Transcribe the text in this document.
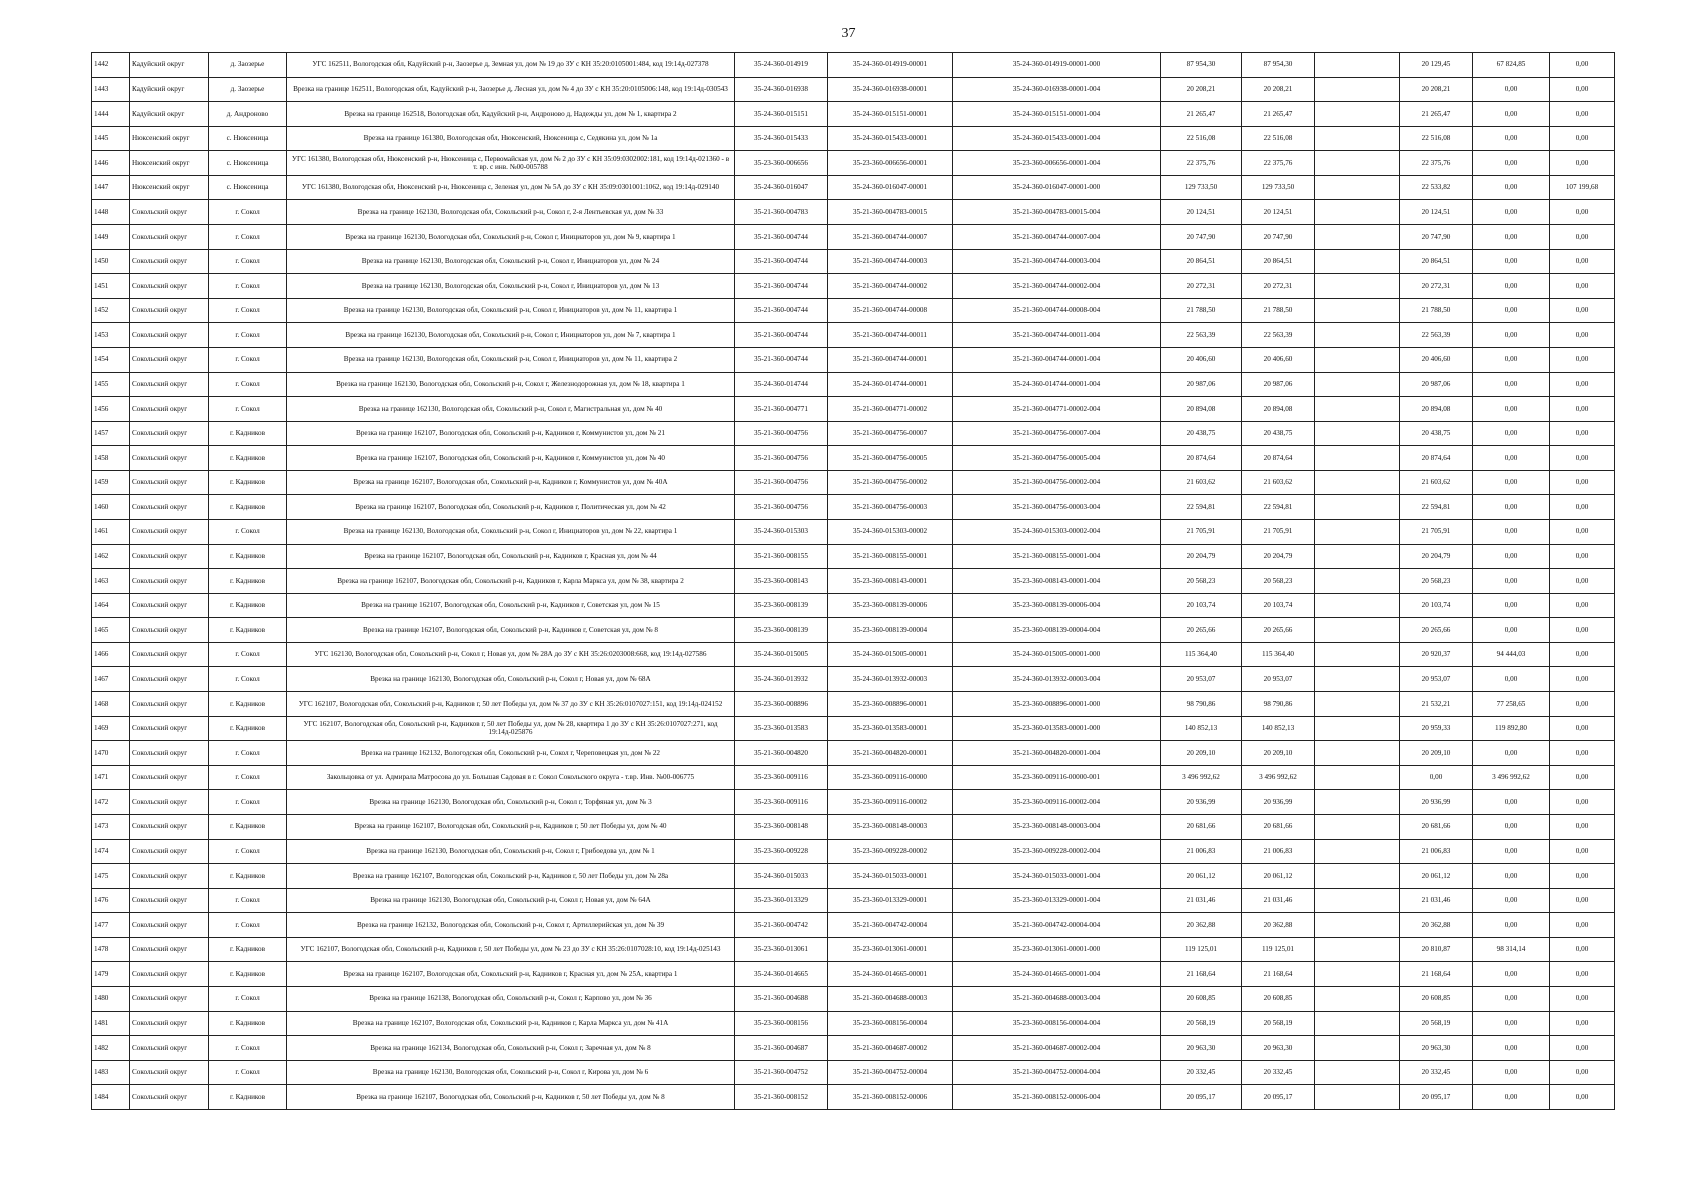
37
1442	Кадуйский округ	д. Заозерье	УГС 162511, Вологодская обл, Кадуйский р-н, Заозерье д, Земная ул, дом № 19 до ЗУ с КН 35:20:0105001:484, код 19:14д-027378	35-24-360-014919	35-24-360-014919-00001	35-24-360-014919-00001-000	87 954,30	87 954,30		20 129,45	67 824,85	0,00
1443	Кадуйский округ	д. Заозерье	Врезка на границе 162511, Вологодская обл, Кадуйский р-н, Заозерье д, Лесная ул, дом № 4 до ЗУ с КН 35:20:0105006:148, код 19:14д-030543	35-24-360-016938	35-24-360-016938-00001	35-24-360-016938-00001-004	20 208,21	20 208,21		20 208,21	0,00	0,00
1444	Кадуйский округ	д. Андроново	Врезка на границе 162518, Вологодская обл, Кадуйский р-н, Андроново д, Надежды ул, дом № 1, квартира 2	35-24-360-015151	35-24-360-015151-00001	35-24-360-015151-00001-004	21 265,47	21 265,47		21 265,47	0,00	0,00
1445	Нюксенский округ	с. Нюксеница	Врезка на границе 161380, Вологодская обл, Нюксенский, Нюксеница с, Седякина ул, дом № 1а	35-24-360-015433	35-24-360-015433-00001	35-24-360-015433-00001-004	22 516,08	22 516,08		22 516,08	0,00	0,00
1446	Нюксенский округ	с. Нюксеница	УГС 161380, Вологодская обл, Нюксенский р-н, Нюксеница с, Первомайская ул, дом № 2 до ЗУ с КН 35:09:0302002:181, код 19:14д-021360 - в т. вр. с инв. №00-005788	35-23-360-006656	35-23-360-006656-00001	35-23-360-006656-00001-004	22 375,76	22 375,76		22 375,76	0,00	0,00
1447	Нюксенский округ	с. Нюксеница	УГС 161380, Вологодская обл, Нюксенский р-н, Нюксеница с, Зеленая ул, дом № 5А до ЗУ с КН 35:09:0301001:1062, код 19:14д-029140	35-24-360-016047	35-24-360-016047-00001	35-24-360-016047-00001-000	129 733,50	129 733,50		22 533,82	0,00	107 199,68
1448	Сокольский округ	г. Сокол	Врезка на границе 162130, Вологодская обл, Сокольский р-н, Сокол г, 2-я Лентьевская ул, дом № 33	35-21-360-004783	35-21-360-004783-00015	35-21-360-004783-00015-004	20 124,51	20 124,51		20 124,51	0,00	0,00
1449	Сокольский округ	г. Сокол	Врезка на границе 162130, Вологодская обл, Сокольский р-н, Сокол г, Инициаторов ул, дом № 9, квартира 1	35-21-360-004744	35-21-360-004744-00007	35-21-360-004744-00007-004	20 747,90	20 747,90		20 747,90	0,00	0,00
1450	Сокольский округ	г. Сокол	Врезка на границе 162130, Вологодская обл, Сокольский р-н, Сокол г, Инициаторов ул, дом № 24	35-21-360-004744	35-21-360-004744-00003	35-21-360-004744-00003-004	20 864,51	20 864,51		20 864,51	0,00	0,00
1451	Сокольский округ	г. Сокол	Врезка на границе 162130, Вологодская обл, Сокольский р-н, Сокол г, Инициаторов ул, дом № 13	35-21-360-004744	35-21-360-004744-00002	35-21-360-004744-00002-004	20 272,31	20 272,31		20 272,31	0,00	0,00
1452	Сокольский округ	г. Сокол	Врезка на границе 162130, Вологодская обл, Сокольский р-н, Сокол г, Инициаторов ул, дом № 11, квартира 1	35-21-360-004744	35-21-360-004744-00008	35-21-360-004744-00008-004	21 788,50	21 788,50		21 788,50	0,00	0,00
1453	Сокольский округ	г. Сокол	Врезка на границе 162130, Вологодская обл, Сокольский р-н, Сокол г, Инициаторов ул, дом № 7, квартира 1	35-21-360-004744	35-21-360-004744-00011	35-21-360-004744-00011-004	22 563,39	22 563,39		22 563,39	0,00	0,00
1454	Сокольский округ	г. Сокол	Врезка на границе 162130, Вологодская обл, Сокольский р-н, Сокол г, Инициаторов ул, дом № 11, квартира 2	35-21-360-004744	35-21-360-004744-00001	35-21-360-004744-00001-004	20 406,60	20 406,60		20 406,60	0,00	0,00
1455	Сокольский округ	г. Сокол	Врезка на границе 162130, Вологодская обл, Сокольский р-н, Сокол г, Железнодорожная ул, дом № 18, квартира 1	35-24-360-014744	35-24-360-014744-00001	35-24-360-014744-00001-004	20 987,06	20 987,06		20 987,06	0,00	0,00
1456	Сокольский округ	г. Сокол	Врезка на границе 162130, Вологодская обл, Сокольский р-н, Сокол г, Магистральная ул, дом № 40	35-21-360-004771	35-21-360-004771-00002	35-21-360-004771-00002-004	20 894,08	20 894,08		20 894,08	0,00	0,00
1457	Сокольский округ	г. Кадников	Врезка на границе 162107, Вологодская обл, Сокольский р-н, Кадников г, Коммунистов ул, дом № 21	35-21-360-004756	35-21-360-004756-00007	35-21-360-004756-00007-004	20 438,75	20 438,75		20 438,75	0,00	0,00
1458	Сокольский округ	г. Кадников	Врезка на границе 162107, Вологодская обл, Сокольский р-н, Кадников г, Коммунистов ул, дом № 40	35-21-360-004756	35-21-360-004756-00005	35-21-360-004756-00005-004	20 874,64	20 874,64		20 874,64	0,00	0,00
1459	Сокольский округ	г. Кадников	Врезка на границе 162107, Вологодская обл, Сокольский р-н, Кадников г, Коммунистов ул, дом № 40А	35-21-360-004756	35-21-360-004756-00002	35-21-360-004756-00002-004	21 603,62	21 603,62		21 603,62	0,00	0,00
1460	Сокольский округ	г. Кадников	Врезка на границе 162107, Вологодская обл, Сокольский р-н, Кадников г, Политическая ул, дом № 42	35-21-360-004756	35-21-360-004756-00003	35-21-360-004756-00003-004	22 594,81	22 594,81		22 594,81	0,00	0,00
1461	Сокольский округ	г. Сокол	Врезка на границе 162130, Вологодская обл, Сокольский р-н, Сокол г, Инициаторов ул, дом № 22, квартира 1	35-24-360-015303	35-24-360-015303-00002	35-24-360-015303-00002-004	21 705,91	21 705,91		21 705,91	0,00	0,00
1462	Сокольский округ	г. Кадников	Врезка на границе 162107, Вологодская обл, Сокольский р-н, Кадников г, Красная ул, дом № 44	35-21-360-008155	35-21-360-008155-00001	35-21-360-008155-00001-004	20 204,79	20 204,79		20 204,79	0,00	0,00
1463	Сокольский округ	г. Кадников	Врезка на границе 162107, Вологодская обл, Сокольский р-н, Кадников г, Карла Маркса ул, дом № 38, квартира 2	35-23-360-008143	35-23-360-008143-00001	35-23-360-008143-00001-004	20 568,23	20 568,23		20 568,23	0,00	0,00
1464	Сокольский округ	г. Кадников	Врезка на границе 162107, Вологодская обл, Сокольский р-н, Кадников г, Советская ул, дом № 15	35-23-360-008139	35-23-360-008139-00006	35-23-360-008139-00006-004	20 103,74	20 103,74		20 103,74	0,00	0,00
1465	Сокольский округ	г. Кадников	Врезка на границе 162107, Вологодская обл, Сокольский р-н, Кадников г, Советская ул, дом № 8	35-23-360-008139	35-23-360-008139-00004	35-23-360-008139-00004-004	20 265,66	20 265,66		20 265,66	0,00	0,00
1466	Сокольский округ	г. Сокол	УГС 162130, Вологодская обл, Сокольский р-н, Сокол г, Новая ул, дом № 28А до ЗУ с КН 35:26:0203008:668, код 19:14д-027586	35-24-360-015005	35-24-360-015005-00001	35-24-360-015005-00001-000	115 364,40	115 364,40		20 920,37	94 444,03	0,00
1467	Сокольский округ	г. Сокол	Врезка на границе 162130, Вологодская обл, Сокольский р-н, Сокол г, Новая ул, дом № 68А	35-24-360-013932	35-24-360-013932-00003	35-24-360-013932-00003-004	20 953,07	20 953,07		20 953,07	0,00	0,00
1468	Сокольский округ	г. Кадников	УГС 162107, Вологодская обл, Сокольский р-н, Кадников г, 50 лет Победы ул, дом № 37 до ЗУ с КН 35:26:0107027:151, код 19:14д-024152	35-23-360-008896	35-23-360-008896-00001	35-23-360-008896-00001-000	98 790,86	98 790,86		21 532,21	77 258,65	0,00
1469	Сокольский округ	г. Кадников	УГС 162107, Вологодская обл, Сокольский р-н, Кадников г, 50 лет Победы ул, дом № 28, квартира 1 до ЗУ с КН 35:26:0107027:271, код 19:14д-025876	35-23-360-013583	35-23-360-013583-00001	35-23-360-013583-00001-000	140 852,13	140 852,13		20 959,33	119 892,80	0,00
1470	Сокольский округ	г. Сокол	Врезка на границе 162132, Вологодская обл, Сокольский р-н, Сокол г, Череповецкая ул, дом № 22	35-21-360-004820	35-21-360-004820-00001	35-21-360-004820-00001-004	20 209,10	20 209,10		20 209,10	0,00	0,00
1471	Сокольский округ	г. Сокол	Закольцовка от ул. Адмирала Матросова до ул. Большая Садовая в г. Сокол Сокольского округа - т.вр. Инв. №00-006775	35-23-360-009116	35-23-360-009116-00000	35-23-360-009116-00000-001	3 496 992,62	3 496 992,62		0,00	3 496 992,62	0,00
1472	Сокольский округ	г. Сокол	Врезка на границе 162130, Вологодская обл, Сокольский р-н, Сокол г, Торфяная ул, дом № 3	35-23-360-009116	35-23-360-009116-00002	35-23-360-009116-00002-004	20 936,99	20 936,99		20 936,99	0,00	0,00
1473	Сокольский округ	г. Кадников	Врезка на границе 162107, Вологодская обл, Сокольский р-н, Кадников г, 50 лет Победы ул, дом № 40	35-23-360-008148	35-23-360-008148-00003	35-23-360-008148-00003-004	20 681,66	20 681,66		20 681,66	0,00	0,00
1474	Сокольский округ	г. Сокол	Врезка на границе 162130, Вологодская обл, Сокольский р-н, Сокол г, Грибоедова ул, дом № 1	35-23-360-009228	35-23-360-009228-00002	35-23-360-009228-00002-004	21 006,83	21 006,83		21 006,83	0,00	0,00
1475	Сокольский округ	г. Кадников	Врезка на границе 162107, Вологодская обл, Сокольский р-н, Кадников г, 50 лет Победы ул, дом № 28а	35-24-360-015033	35-24-360-015033-00001	35-24-360-015033-00001-004	20 061,12	20 061,12		20 061,12	0,00	0,00
1476	Сокольский округ	г. Сокол	Врезка на границе 162130, Вологодская обл, Сокольский р-н, Сокол г, Новая ул, дом № 64А	35-23-360-013329	35-23-360-013329-00001	35-23-360-013329-00001-004	21 031,46	21 031,46		21 031,46	0,00	0,00
1477	Сокольский округ	г. Сокол	Врезка на границе 162132, Вологодская обл, Сокольский р-н, Сокол г, Артиллерийская ул, дом № 39	35-21-360-004742	35-21-360-004742-00004	35-21-360-004742-00004-004	20 362,88	20 362,88		20 362,88	0,00	0,00
1478	Сокольский округ	г. Кадников	УГС 162107, Вологодская обл, Сокольский р-н, Кадников г, 50 лет Победы ул, дом № 23 до ЗУ с КН 35:26:0107028:10, код 19:14д-025143	35-23-360-013061	35-23-360-013061-00001	35-23-360-013061-00001-000	119 125,01	119 125,01		20 810,87	98 314,14	0,00
1479	Сокольский округ	г. Кадников	Врезка на границе 162107, Вологодская обл, Сокольский р-н, Кадников г, Красная ул, дом № 25А, квартира 1	35-24-360-014665	35-24-360-014665-00001	35-24-360-014665-00001-004	21 168,64	21 168,64		21 168,64	0,00	0,00
1480	Сокольский округ	г. Сокол	Врезка на границе 162138, Вологодская обл, Сокольский р-н, Сокол г, Карпово ул, дом № 36	35-21-360-004688	35-21-360-004688-00003	35-21-360-004688-00003-004	20 608,85	20 608,85		20 608,85	0,00	0,00
1481	Сокольский округ	г. Кадников	Врезка на границе 162107, Вологодская обл, Сокольский р-н, Кадников г, Карла Маркса ул, дом № 41А	35-23-360-008156	35-23-360-008156-00004	35-23-360-008156-00004-004	20 568,19	20 568,19		20 568,19	0,00	0,00
1482	Сокольский округ	г. Сокол	Врезка на границе 162134, Вологодская обл, Сокольский р-н, Сокол г, Заречная ул, дом № 8	35-21-360-004687	35-21-360-004687-00002	35-21-360-004687-00002-004	20 963,30	20 963,30		20 963,30	0,00	0,00
1483	Сокольский округ	г. Сокол	Врезка на границе 162130, Вологодская обл, Сокольский р-н, Сокол г, Кирова ул, дом № 6	35-21-360-004752	35-21-360-004752-00004	35-21-360-004752-00004-004	20 332,45	20 332,45		20 332,45	0,00	0,00
1484	Сокольский округ	г. Кадников	Врезка на границе 162107, Вологодская обл, Сокольский р-н, Кадников г, 50 лет Победы ул, дом № 8	35-21-360-008152	35-21-360-008152-00006	35-21-360-008152-00006-004	20 095,17	20 095,17		20 095,17	0,00	0,00
